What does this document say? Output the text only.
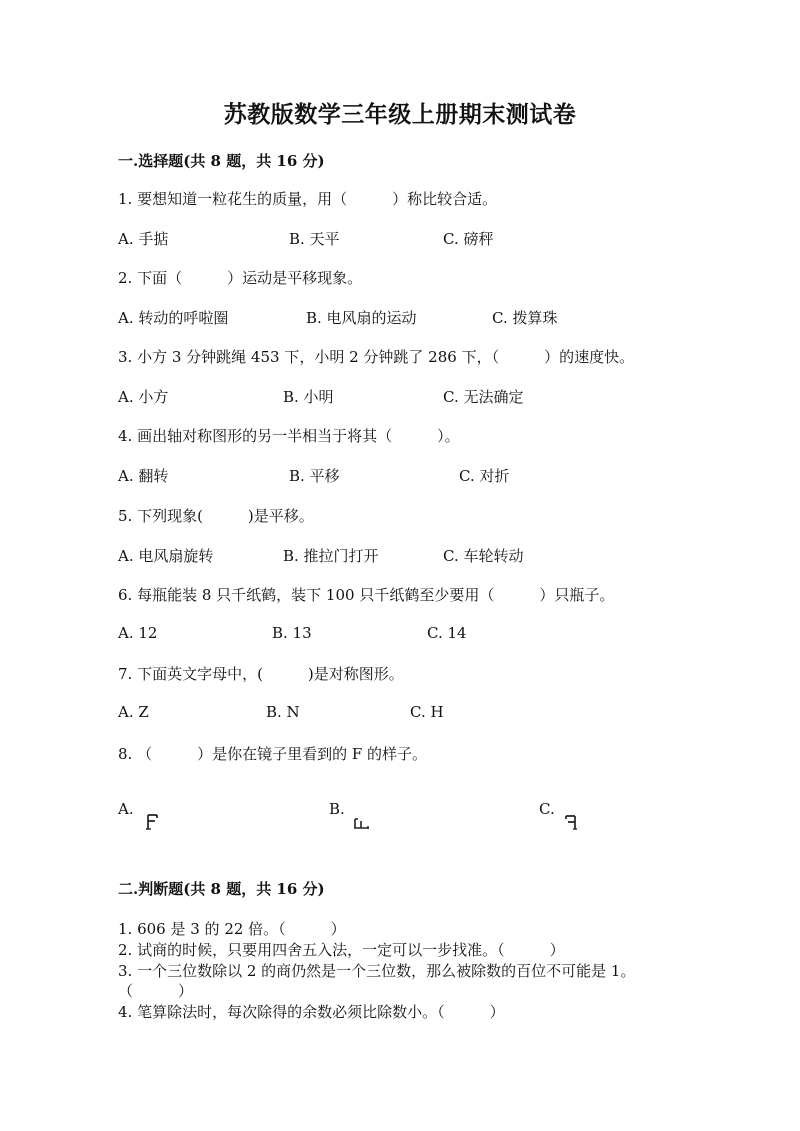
苏教版数学三年级上册期末测试卷
一.选择题(共 8 题，共 16 分)
1. 要想知道一粒花生的质量，用（　　　）称比较合适。
A. 手掂	B. 天平	C. 磅秤
2. 下面（　　　）运动是平移现象。
A. 转动的呼啦圈	B. 电风扇的运动	C. 拨算珠
3. 小方 3 分钟跳绳 453 下，小明 2 分钟跳了 286 下，（　　　）的速度快。
A. 小方	B. 小明	C. 无法确定
4. 画出轴对称图形的另一半相当于将其（　　　）。
A. 翻转	B. 平移	C. 对折
5. 下列现象(　　　)是平移。
A. 电风扇旋转	B. 推拉门打开	C. 车轮转动
6. 每瓶能装 8 只千纸鹤，装下 100 只千纸鹤至少要用（　　　）只瓶子。
A. 12	B. 13	C. 14
7. 下面英文字母中，(　　　)是对称图形。
A. Z	B. N	C. H
8. （　　　）是你在镜子里看到的 F 的样子。
A.	B.	C.
二.判断题(共 8 题，共 16 分)
1. 606 是 3 的 22 倍。（　　　）
2. 试商的时候，只要用四舍五入法，一定可以一步找准。（　　　）
3. 一个三位数除以 2 的商仍然是一个三位数，那么被除数的百位不可能是 1。
（　　　）
4. 笔算除法时，每次除得的余数必须比除数小。（　　　）
